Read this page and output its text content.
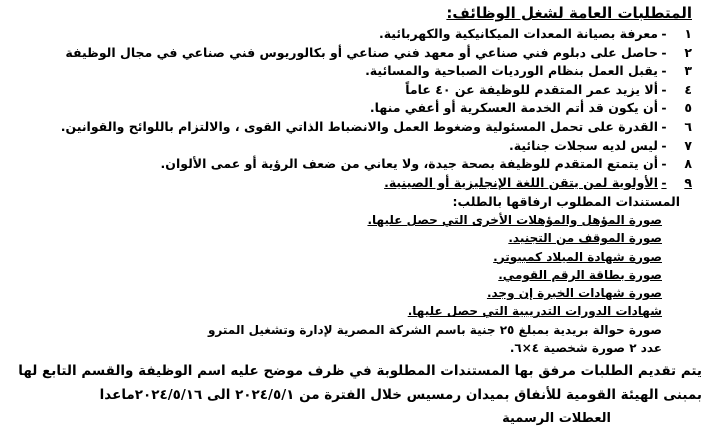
المتطلبات العامة لشغل الوظائف:
١
-
معرفة بصيانة المعدات الميكانيكية والكهربائية.
٢
-
حاصل على دبلوم فني صناعي أو معهد فني صناعي أو بكالوريوس فني صناعي في مجال الوظيفة
٣
-
يقبل العمل بنظام الورديات الصباحية والمسائية.
٤
-
ألا يزيد عمر المتقدم للوظيفة عن ٤٠ عاماً
٥
-
أن يكون قد أتم الخدمة العسكرية أو أعفي منها.
٦
-
القدرة على تحمل المسئولية وضغوط العمل والانضباط الذاتي القوى ، والالتزام باللوائح والقوانين.
٧
-
ليس لديه سجلات جنائية.
٨
-
أن يتمتع المتقدم للوظيفة بصحة جيدة، ولا يعاني من ضعف الرؤية أو عمى الألوان.
٩
-
الأولوية لمن يتقن اللغة الإنجليزية أو الصينية.
المستندات المطلوب ارفاقها بالطلب:
صورة المؤهل والمؤهلات الأخرى التي حصل عليها.
صورة الموقف من التجنيد.
صورة شهادة الميلاد كمبيوتر.
صورة بطاقة الرقم القومي.
صورة شهادات الخبرة إن وجد.
شهادات الدورات التدريبية التي حصل عليها.
صورة حوالة بريدية بمبلغ ٢٥ جنية باسم الشركة المصرية لإدارة وتشغيل المترو
عدد ٢ صورة شخصية ٤×٦.
يتم تقديم الطلبات مرفق بها المستندات المطلوبة في ظرف موضح عليه اسم الوظيفة والقسم التابع لها
بمبنى الهيئة القومية للأنفاق بميدان رمسيس خلال الفترة من ٢٠٢٤/٥/١ الى ٢٠٢٤/٥/١٦ماعدا
العطلات الرسمية
